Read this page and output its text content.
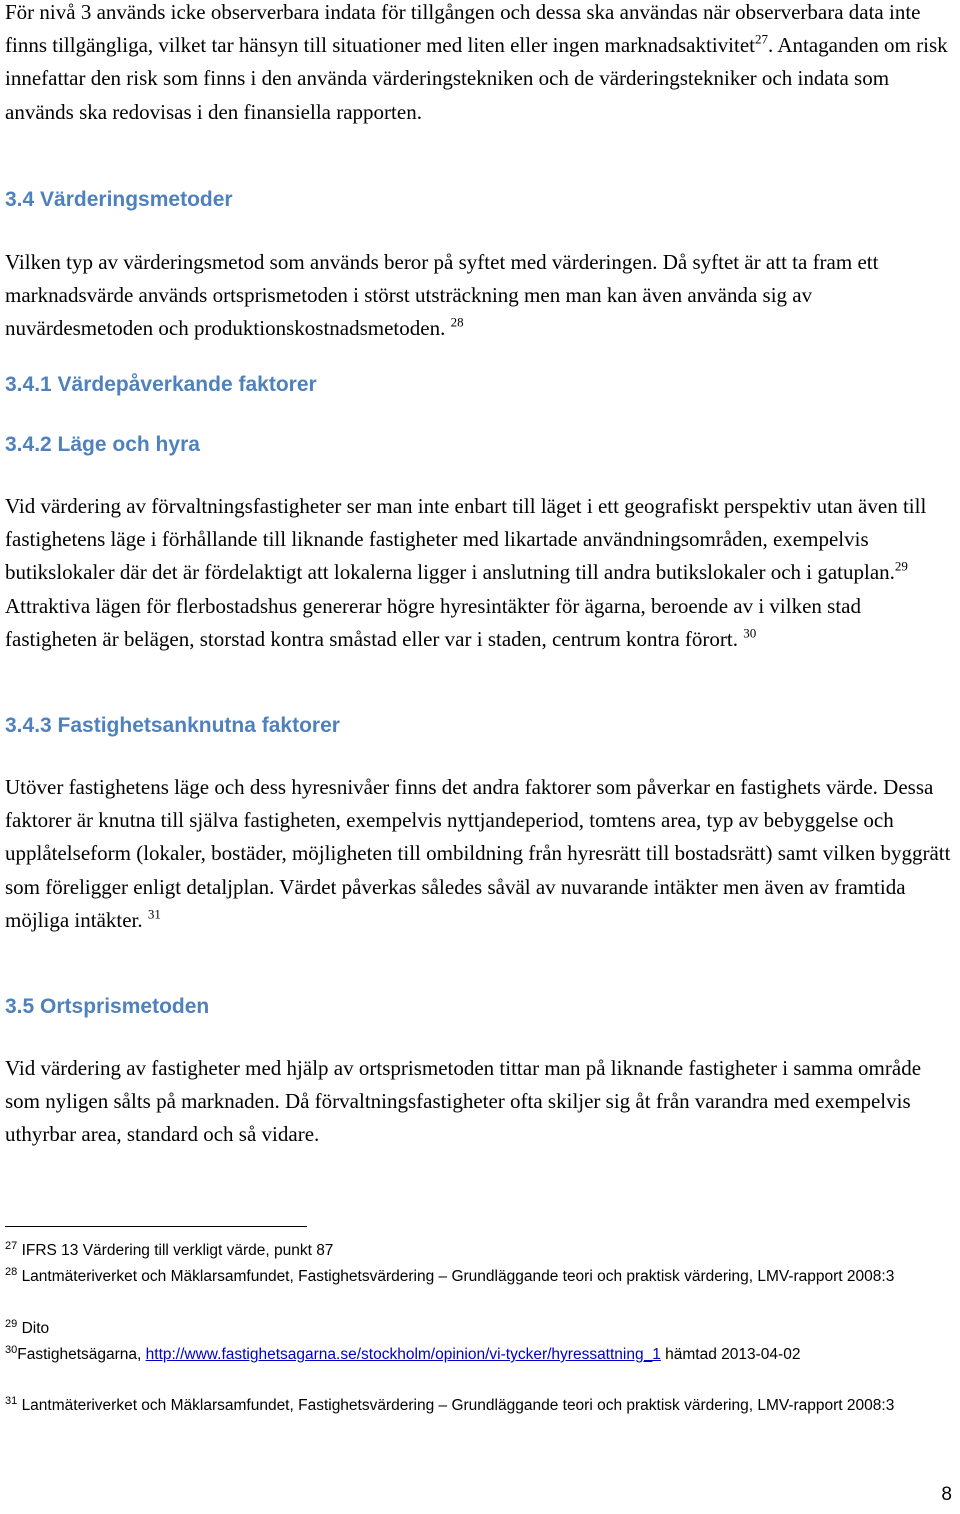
För nivå 3 används icke observerbara indata för tillgången och dessa ska användas när observerbara data inte finns tillgängliga, vilket tar hänsyn till situationer med liten eller ingen marknadsaktivitet$^{27}$. Antaganden om risk innefattar den risk som finns i den använda värderingstekniken och de värderingstekniker och indata som används ska redovisas i den finansiella rapporten.

3.4 Värderingsmetoder

Vilken typ av värderingsmetod som används beror på syftet med värderingen. Då syftet är att ta fram ett marknadsvärde används ortsprismetoden i störst utsträckning men man kan även använda sig av nuvärdesmetoden och produktionskostnadsmetoden. $^{28}$

3.4.1 Värdepåverkande faktorer
3.4.2 Läge och hyra

Vid värdering av förvaltningsfastigheter ser man inte enbart till läget i ett geografiskt perspektiv utan även till fastighetens läge i förhållande till liknande fastigheter med likartade användningsområden, exempelvis butikslokaler där det är fördelaktigt att lokalerna ligger i anslutning till andra butikslokaler och i gatuplan.$^{29}$ Attraktiva lägen för flerbostadshus genererar högre hyresintäkter för ägarna, beroende av i vilken stad fastigheten är belägen, storstad kontra småstad eller var i staden, centrum kontra förort. $^{30}$

3.4.3 Fastighetsanknutna faktorer

Utöver fastighetens läge och dess hyresnivåer finns det andra faktorer som påverkar en fastighets värde. Dessa faktorer är knutna till själva fastigheten, exempelvis nyttjandeperiod, tomtens area, typ av bebyggelse och upplåtelseform (lokaler, bostäder, möjligheten till ombildning från hyresrätt till bostadsrätt) samt vilken byggrätt som föreligger enligt detaljplan. Värdet påverkas således såväl av nuvarande intäkter men även av framtida möjliga intäkter. $^{31}$

3.5 Ortsprismetoden

Vid värdering av fastigheter med hjälp av ortsprismetoden tittar man på liknande fastigheter i samma område som nyligen sålts på marknaden. Då förvaltningsfastigheter ofta skiljer sig åt från varandra med exempelvis uthyrbar area, standard och så vidare.

$^{27}$ IFRS 13 Värdering till verkligt värde, punkt 87

$^{28}$ Lantmäteriverket och Mäklarsamfundet, Fastighetsvärdering – Grundläggande teori och praktisk värdering, LMV-rapport 2008:3

$^{29}$ Dito

$^{30}$Fastighetsägarna, http://www.fastighetsagarna.se/stockholm/opinion/vi-tycker/hyressattning_1 hämtad 2013-04-02

$^{31}$ Lantmäteriverket och Mäklarsamfundet, Fastighetsvärdering – Grundläggande teori och praktisk värdering, LMV-rapport 2008:3

8
